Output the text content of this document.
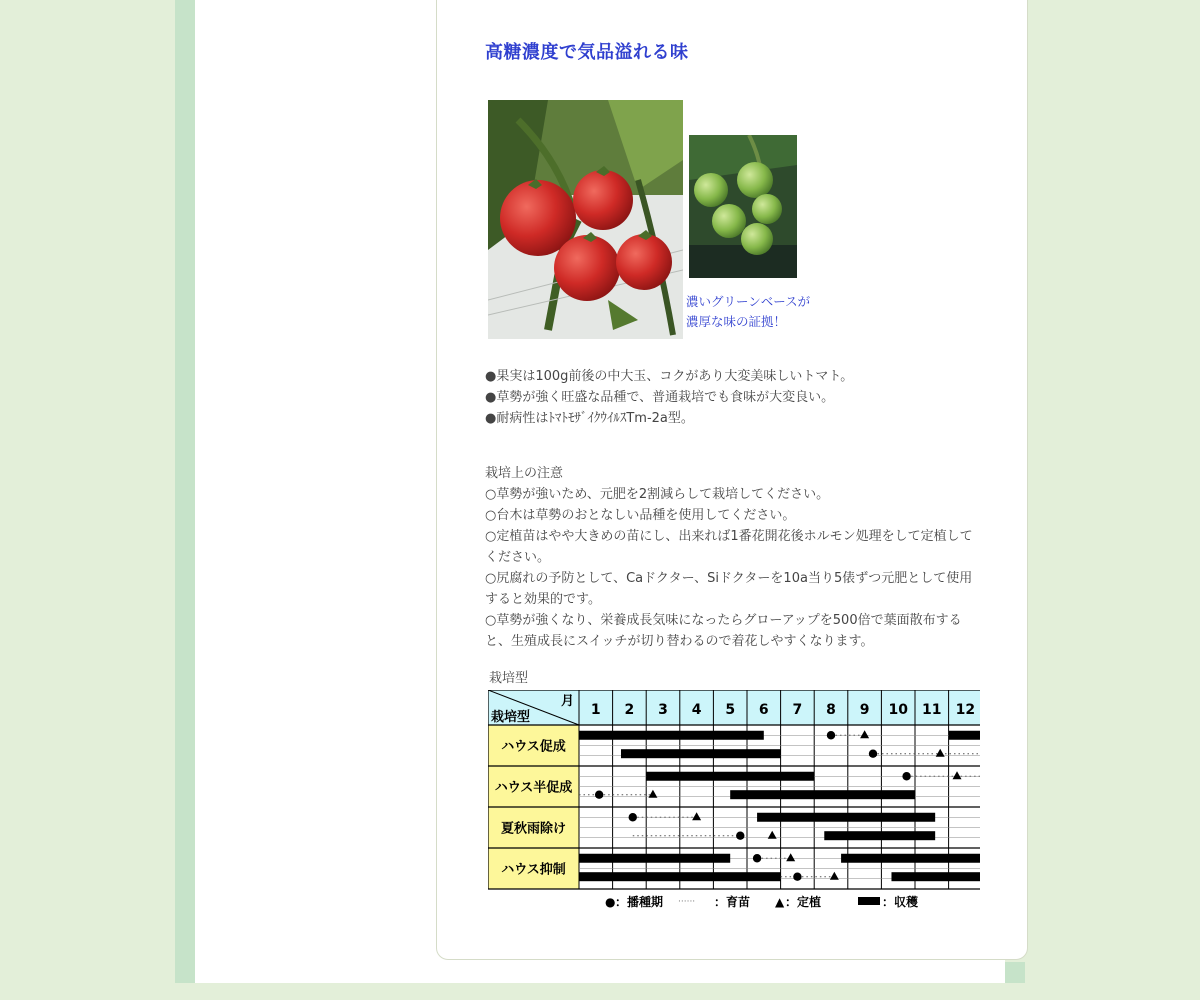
高糖濃度で気品溢れる味
濃いグリーンベースが
濃厚な味の証拠！
●果実は100g前後の中大玉、コクがあり大変美味しいトマト。
●草勢が強く旺盛な品種で、普通栽培でも食味が大変良い。
●耐病性はﾄﾏﾄﾓｻﾞｲｸｳｲﾙｽTm-2a型。
栽培上の注意
○草勢が強いため、元肥を2割減らして栽培してください。
○台木は草勢のおとなしい品種を使用してください。
○定植苗はやや大きめの苗にし、出来れば1番花開花後ホルモン処理をして定植してください。
○尻腐れの予防として、Caドクター、Siドクターを10a当り5俵ずつ元肥として使用すると効果的です。
○草勢が強くなり、栄養成長気味になったらグローアップを500倍で葉面散布すると、生殖成長にスイッチが切り替わるので着花しやすくなります。
栽培型
月
栽培型	1 2 3 4 5 6 7 8 9 10 11 12
ハウス促成
ハウス半促成
夏秋雨除け
ハウス抑制
● ：播種期 ······ ：育苗 ▲ ：定植	：収穫
